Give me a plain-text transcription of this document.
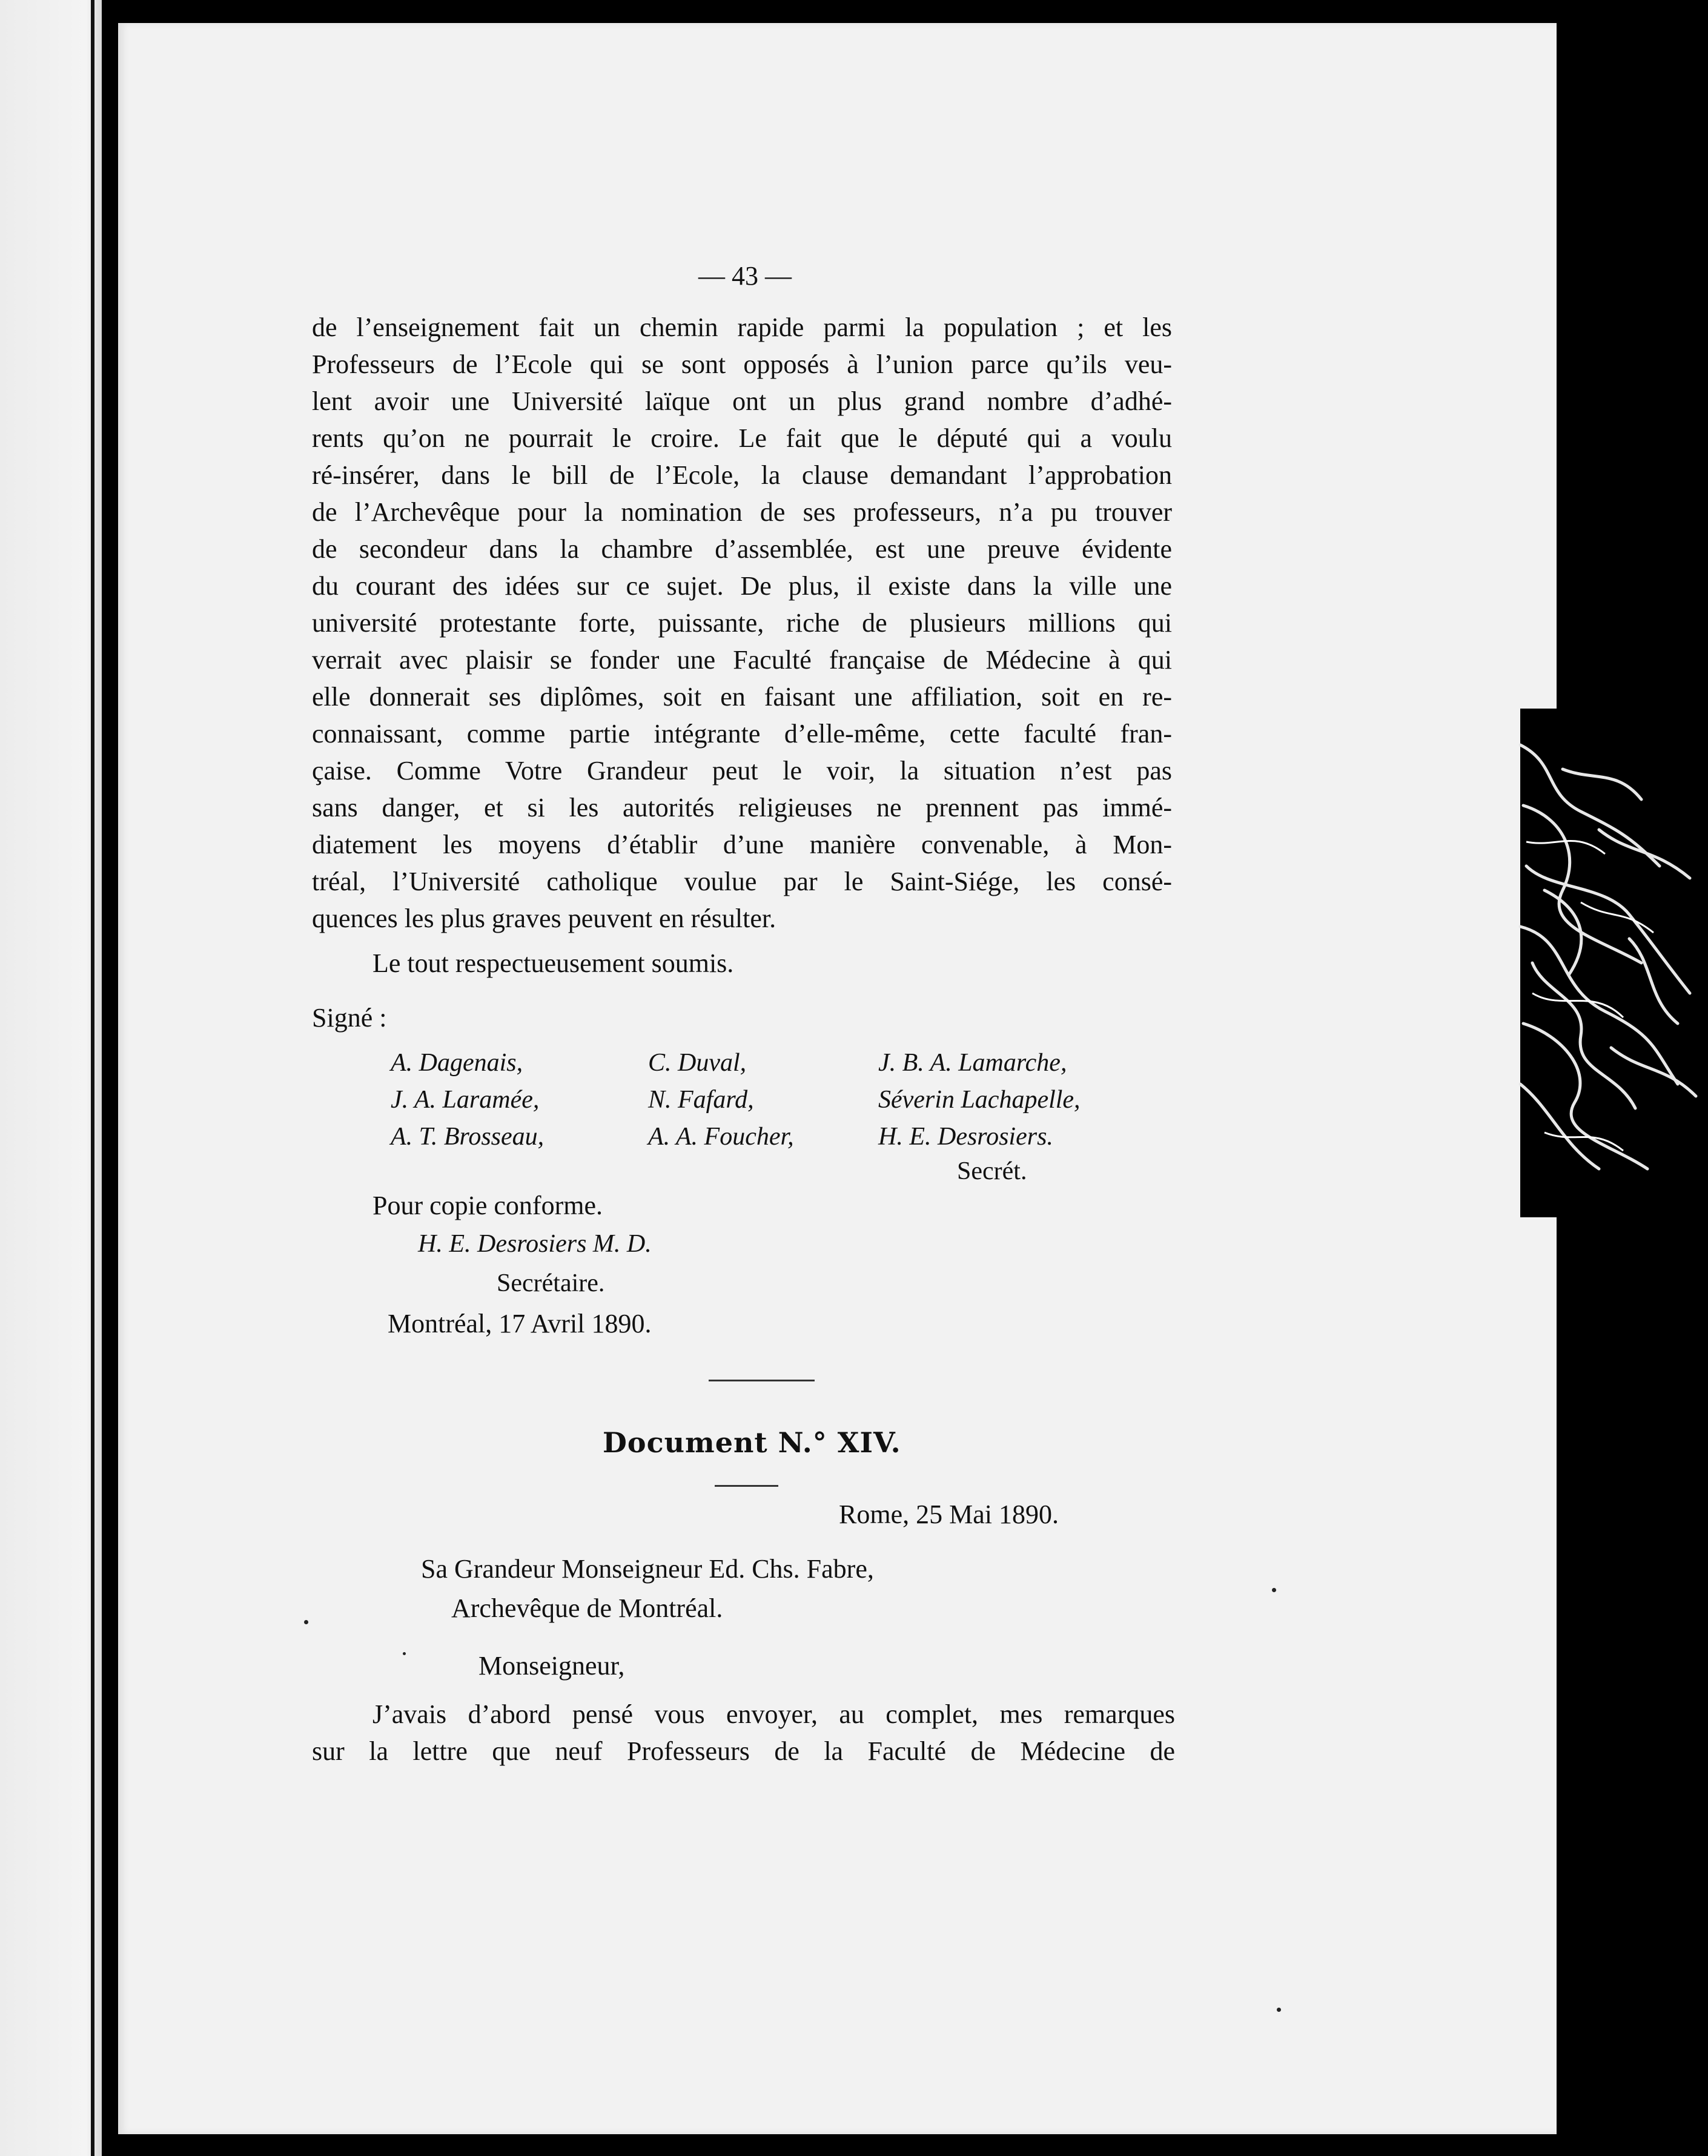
— 43 —
de l’enseignement fait un chemin rapide parmi la population ; et les
Professeurs de l’Ecole qui se sont opposés à l’union parce qu’ils veu-
lent avoir une Université laïque ont un plus grand nombre d’adhé-
rents qu’on ne pourrait le croire. Le fait que le député qui a voulu
ré-insérer, dans le bill de l’Ecole, la clause demandant l’approbation
de l’Archevêque pour la nomination de ses professeurs, n’a pu trouver
de secondeur dans la chambre d’assemblée, est une preuve évidente
du courant des idées sur ce sujet. De plus, il existe dans la ville une
université protestante forte, puissante, riche de plusieurs millions qui
verrait avec plaisir se fonder une Faculté française de Médecine à qui
elle donnerait ses diplômes, soit en faisant une affiliation, soit en re-
connaissant, comme partie intégrante d’elle-même, cette faculté fran-
çaise. Comme Votre Grandeur peut le voir, la situation n’est pas
sans danger, et si les autorités religieuses ne prennent pas immé-
diatement les moyens d’établir d’une manière convenable, à Mon-
tréal, l’Université catholique voulue par le Saint-Siége, les consé-
quences les plus graves peuvent en résulter.
Le tout respectueusement soumis.
Signé :
A. Dagenais,
J. A. Laramée,
A. T. Brosseau,
C. Duval,
N. Fafard,
A. A. Foucher,
J. B. A. Lamarche,
Séverin Lachapelle,
H. E. Desrosiers.
Secrét.
Pour copie conforme.
H. E. Desrosiers M. D.
Secrétaire.
Montréal, 17 Avril 1890.
Document N.° XIV.
Rome, 25 Mai 1890.
Sa Grandeur Monseigneur Ed. Chs. Fabre,
Archevêque de Montréal.
Monseigneur,
J’avais d’abord pensé vous envoyer, au complet, mes remarques
sur la lettre que neuf Professeurs de la Faculté de Médecine de
